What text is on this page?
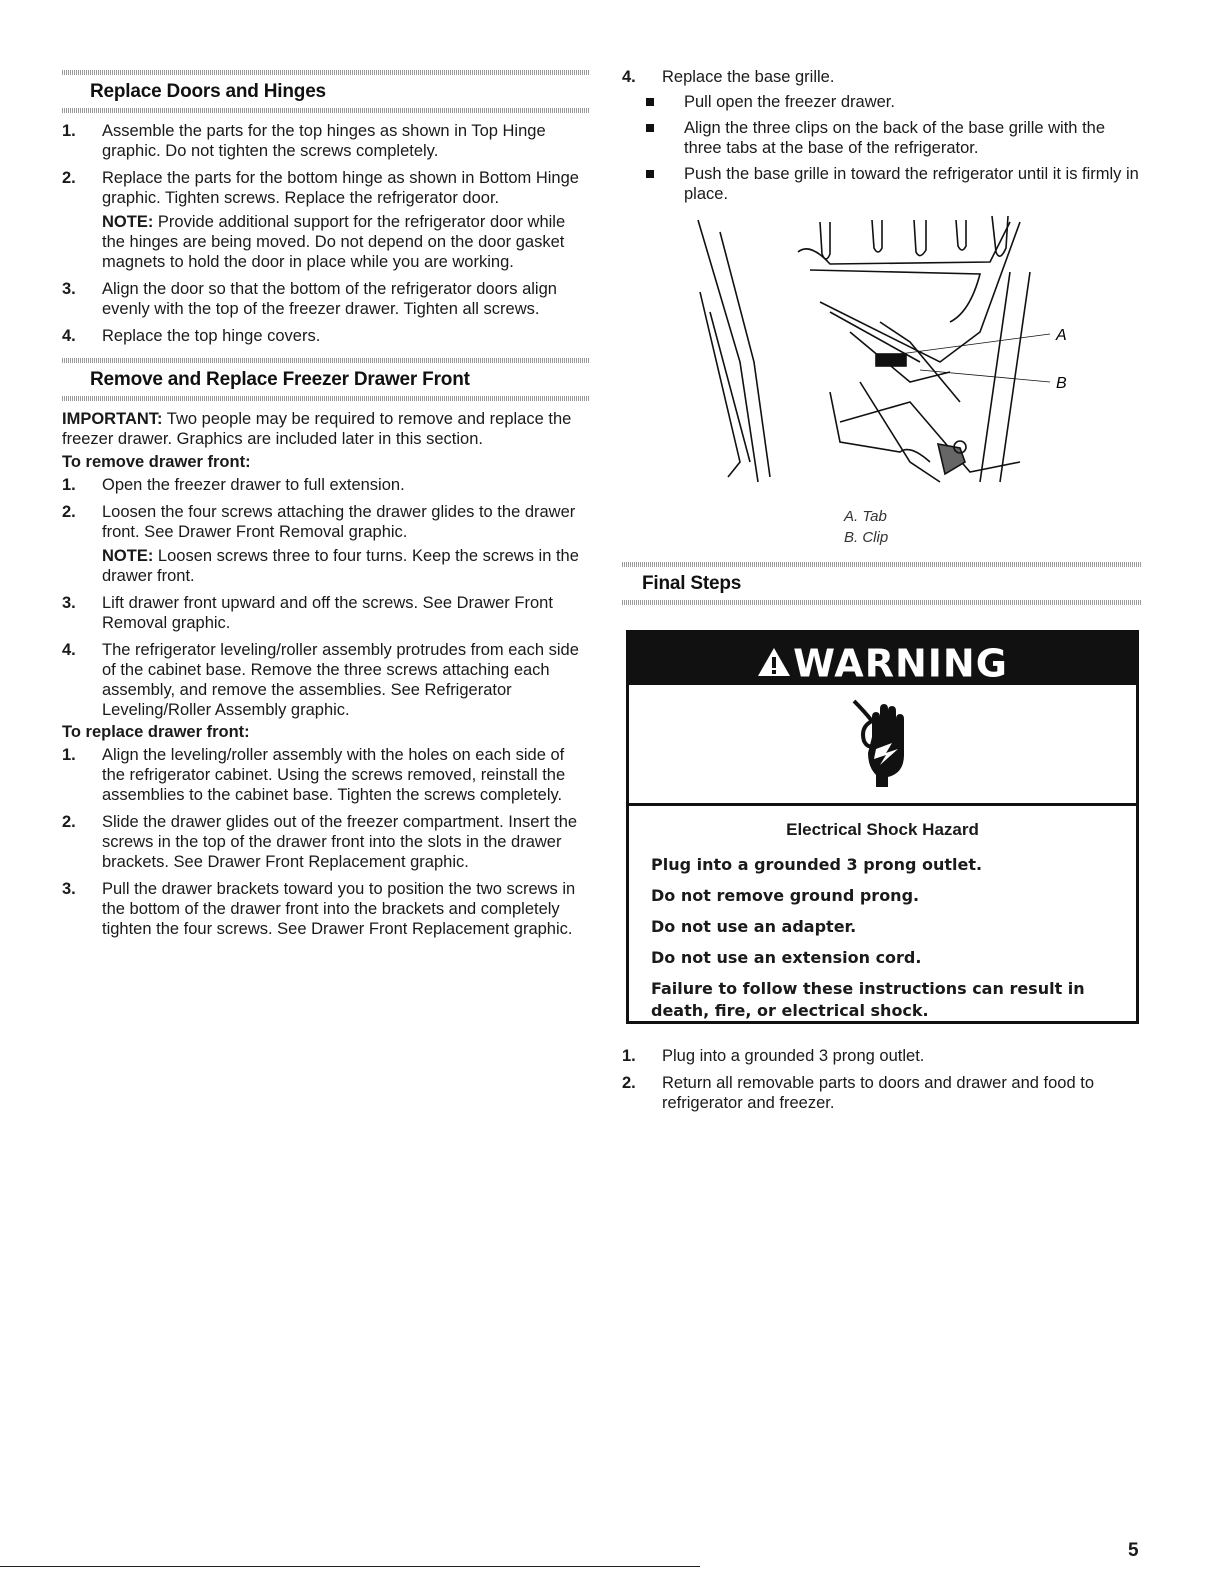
Replace Doors and Hinges
1. Assemble the parts for the top hinges as shown in Top Hinge graphic. Do not tighten the screws completely.

2. Replace the parts for the bottom hinge as shown in Bottom Hinge graphic. Tighten screws. Replace the refrigerator door.

NOTE: Provide additional support for the refrigerator door while the hinges are being moved. Do not depend on the door gasket magnets to hold the door in place while you are working.

3. Align the door so that the bottom of the refrigerator doors align evenly with the top of the freezer drawer. Tighten all screws.

4. Replace the top hinge covers.

Remove and Replace Freezer Drawer Front

IMPORTANT: Two people may be required to remove and replace the freezer drawer. Graphics are included later in this section.

To remove drawer front:
1. Open the freezer drawer to full extension.

2. Loosen the four screws attaching the drawer glides to the drawer front. See Drawer Front Removal graphic.

NOTE: Loosen screws three to four turns. Keep the screws in the drawer front.

3. Lift drawer front upward and off the screws. See Drawer Front Removal graphic.

4. The refrigerator leveling/roller assembly protrudes from each side of the cabinet base. Remove the three screws attaching each assembly, and remove the assemblies. See Refrigerator Leveling/Roller Assembly graphic.

To replace drawer front:
1. Align the leveling/roller assembly with the holes on each side of the refrigerator cabinet. Using the screws removed, reinstall the assemblies to the cabinet base. Tighten the screws completely.

2. Slide the drawer glides out of the freezer compartment. Insert the screws in the top of the drawer front into the slots in the drawer brackets. See Drawer Front Replacement graphic.

3. Pull the drawer brackets toward you to position the two screws in the bottom of the drawer front into the brackets and completely tighten the four screws. See Drawer Front Replacement graphic.

4. Replace the base grille.

Pull open the freezer drawer.

Align the three clips on the back of the base grille with the three tabs at the base of the refrigerator.

Push the base grille in toward the refrigerator until it is firmly in place.

A
B
A. Tab
B. Clip
Final Steps
WARNING
Electrical Shock Hazard
Plug into a grounded 3 prong outlet.
Do not remove ground prong.
Do not use an adapter.
Do not use an extension cord.
Failure to follow these instructions can result in death, fire, or electrical shock.
1. Plug into a grounded 3 prong outlet.

2. Return all removable parts to doors and drawer and food to refrigerator and freezer.

5
